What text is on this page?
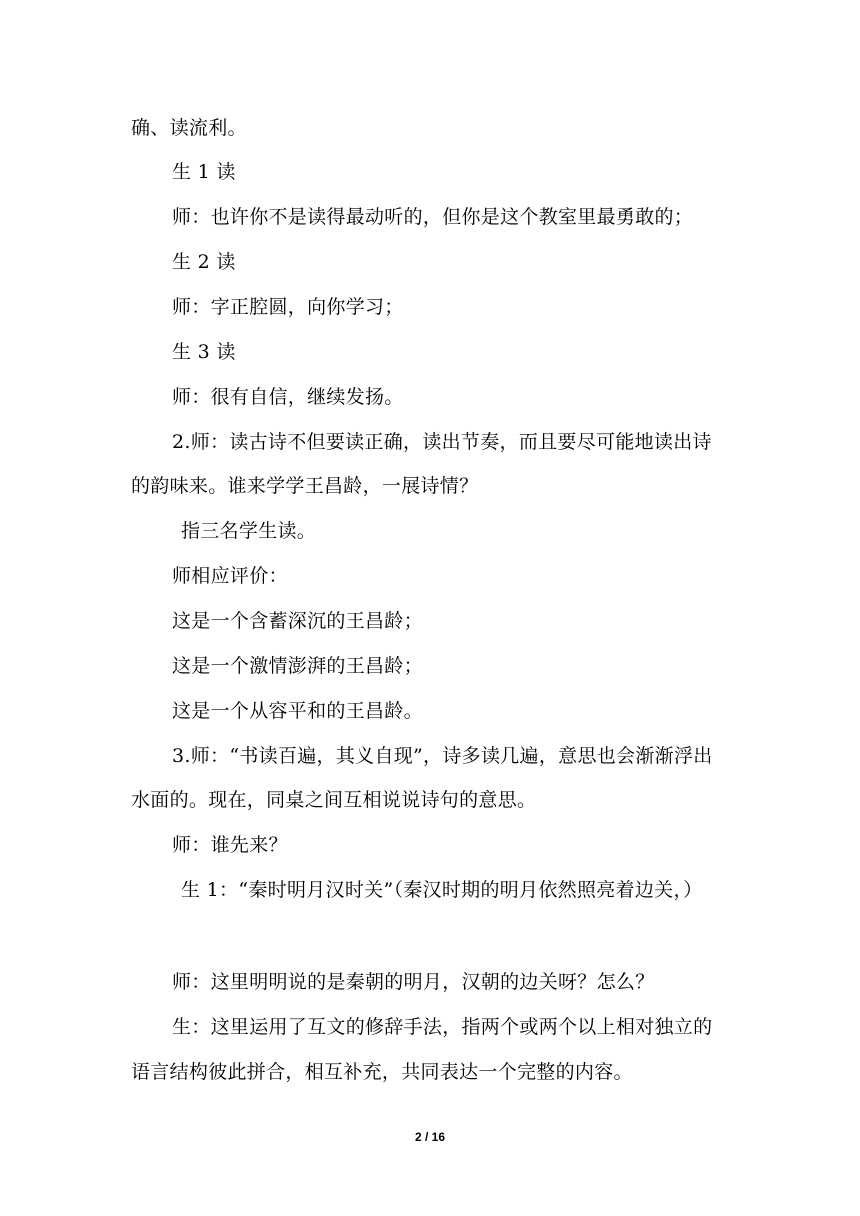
确、读流利。
生 1 读
师：也许你不是读得最动听的，但你是这个教室里最勇敢的；
生 2 读
师：字正腔圆，向你学习；
生 3 读
师：很有自信，继续发扬。
2.师：读古诗不但要读正确，读出节奏，而且要尽可能地读出诗
的韵味来。谁来学学王昌龄，一展诗情？
指三名学生读。
师相应评价：
这是一个含蓄深沉的王昌龄；
这是一个激情澎湃的王昌龄；
这是一个从容平和的王昌龄。
3.师：“书读百遍，其义自现”，诗多读几遍，意思也会渐渐浮出
水面的。现在，同桌之间互相说说诗句的意思。
师：谁先来？
生 1：“秦时明月汉时关”（秦汉时期的明月依然照亮着边关，）
师：这里明明说的是秦朝的明月，汉朝的边关呀？怎么？
生：这里运用了互文的修辞手法，指两个或两个以上相对独立的
语言结构彼此拼合，相互补充，共同表达一个完整的内容。
2 / 16
